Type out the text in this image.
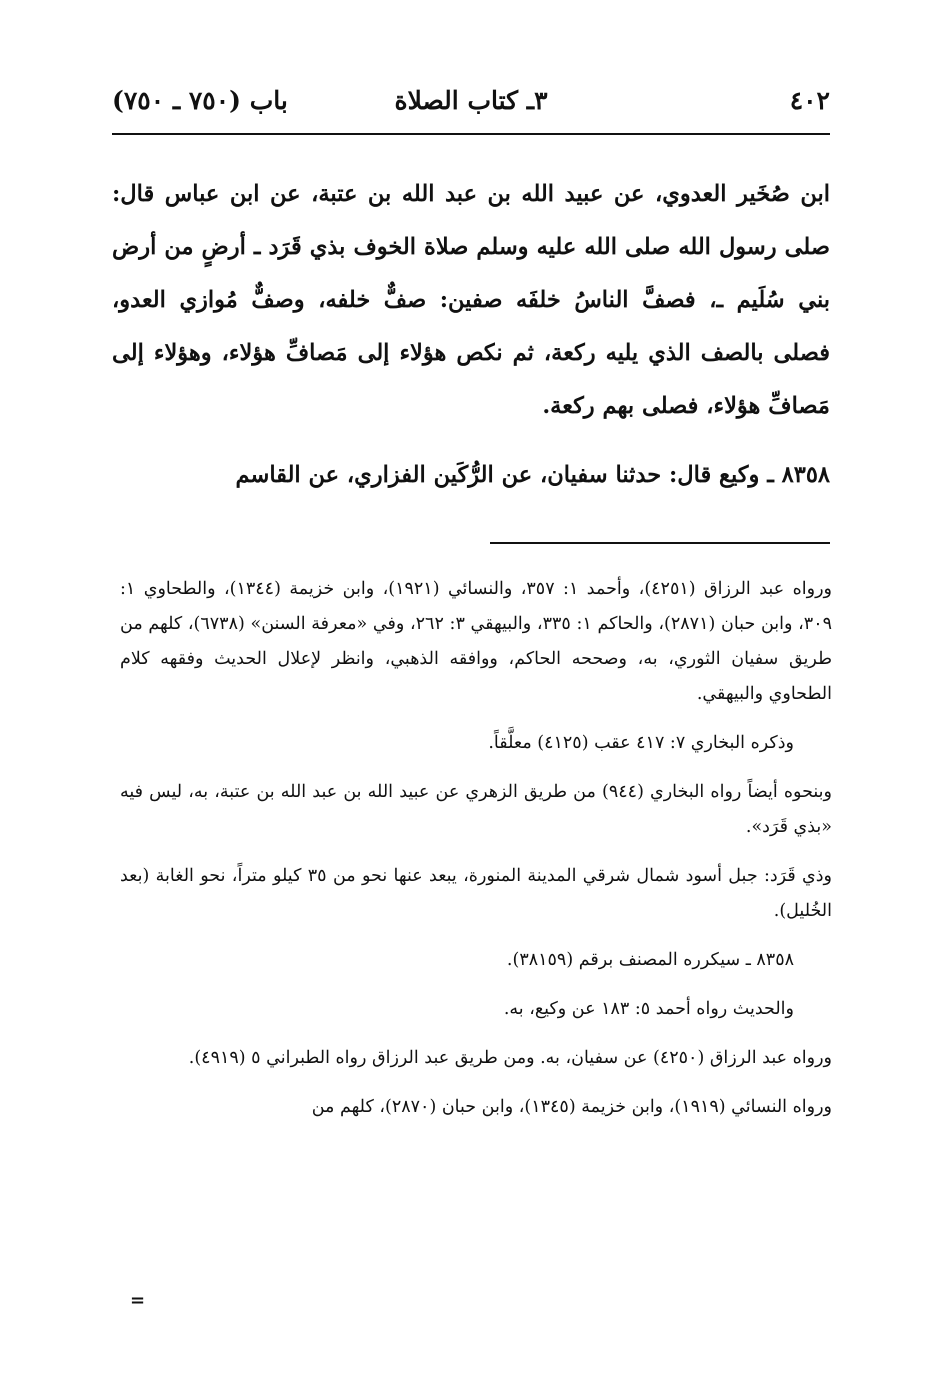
٤٠٢
٣ـ كتاب الصلاة
باب (٧٥٠ ـ ٧٥٠)

ابن صُخَير العدوي، عن عبيد الله بن عبد الله بن عتبة، عن ابن عباس قال: صلى رسول الله صلى الله عليه وسلم صلاة الخوف بذي قَرَد ـ أرضٍ من أرض بني سُلَيم ـ، فصفَّ الناسُ خلفَه صفين: صفٌّ خلفه، وصفٌّ مُوازي العدو، فصلى بالصف الذي يليه ركعة، ثم نكص هؤلاء إلى مَصافِّ هؤلاء، وهؤلاء إلى مَصافِّ هؤلاء، فصلى بهم ركعة.

٨٣٥٨ ـ وكيع قال: حدثنا سفيان، عن الرُّكَين الفزاري، عن القاسم

ورواه عبد الرزاق (٤٢٥١)، وأحمد ١: ٣٥٧، والنسائي (١٩٢١)، وابن خزيمة (١٣٤٤)، والطحاوي ١: ٣٠٩، وابن حبان (٢٨٧١)، والحاكم ١: ٣٣٥، والبيهقي ٣: ٢٦٢، وفي «معرفة السنن» (٦٧٣٨)، كلهم من طريق سفيان الثوري، به، وصححه الحاكم، ووافقه الذهبي، وانظر لإعلال الحديث وفقهه كلام الطحاوي والبيهقي.

وذكره البخاري ٧: ٤١٧ عقب (٤١٢٥) معلَّقاً.

وبنحوه أيضاً رواه البخاري (٩٤٤) من طريق الزهري عن عبيد الله بن عبد الله بن عتبة، به، ليس فيه «بذي قَرَد».

وذي قَرَد: جبل أسود شمال شرقي المدينة المنورة، يبعد عنها نحو من ٣٥ كيلو متراً، نحو الغابة (بعد الخُليل).

٨٣٥٨ ـ سيكرره المصنف برقم (٣٨١٥٩).

والحديث رواه أحمد ٥: ١٨٣ عن وكيع، به.

ورواه عبد الرزاق (٤٢٥٠) عن سفيان، به. ومن طريق عبد الرزاق رواه الطبراني ٥ (٤٩١٩).

ورواه النسائي (١٩١٩)، وابن خزيمة (١٣٤٥)، وابن حبان (٢٨٧٠)، كلهم من

=
